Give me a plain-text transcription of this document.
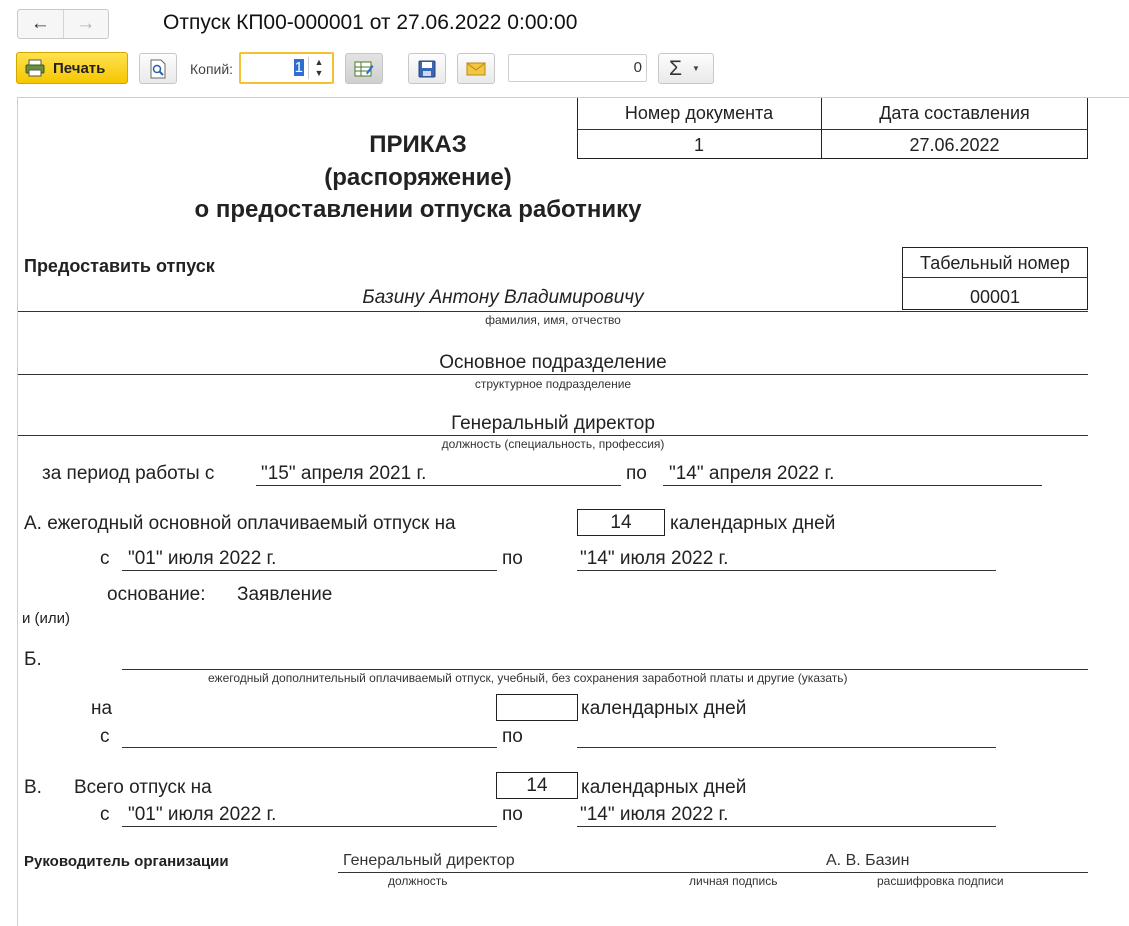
← →	Отпуск КП00-000001 от 27.06.2022 0:00:00
Печать	Копий:	1	▲
▼	0 Σ ▼
Номер документа	Дата составления
1	27.06.2022
ПРИКАЗ
(распоряжение)
о предоставлении отпуска работнику
Предоставить отпуск	Табельный номер
00001
Базину Антону Владимировичу
фамилия, имя, отчество
Основное подразделение
структурное подразделение
Генеральный директор
должность (специальность, профессия)
за период работы с "15" апреля 2021 г.	по "14" апреля 2022 г.
А. ежегодный основной оплачиваемый отпуск на	14	календарных дней
с "01" июля 2022 г.	по	"14" июля 2022 г.
основание: Заявление
и (или)
Б.
ежегодный дополнительный оплачиваемый отпуск, учебный, без сохранения заработной платы и другие (указать)
на	календарных дней
с	по
В. Всего отпуск на	14	календарных дней
с "01" июля 2022 г.	по	"14" июля 2022 г.
Руководитель организации	Генеральный директор	А. В. Базин
должность	личная подпись	расшифровка подписи
